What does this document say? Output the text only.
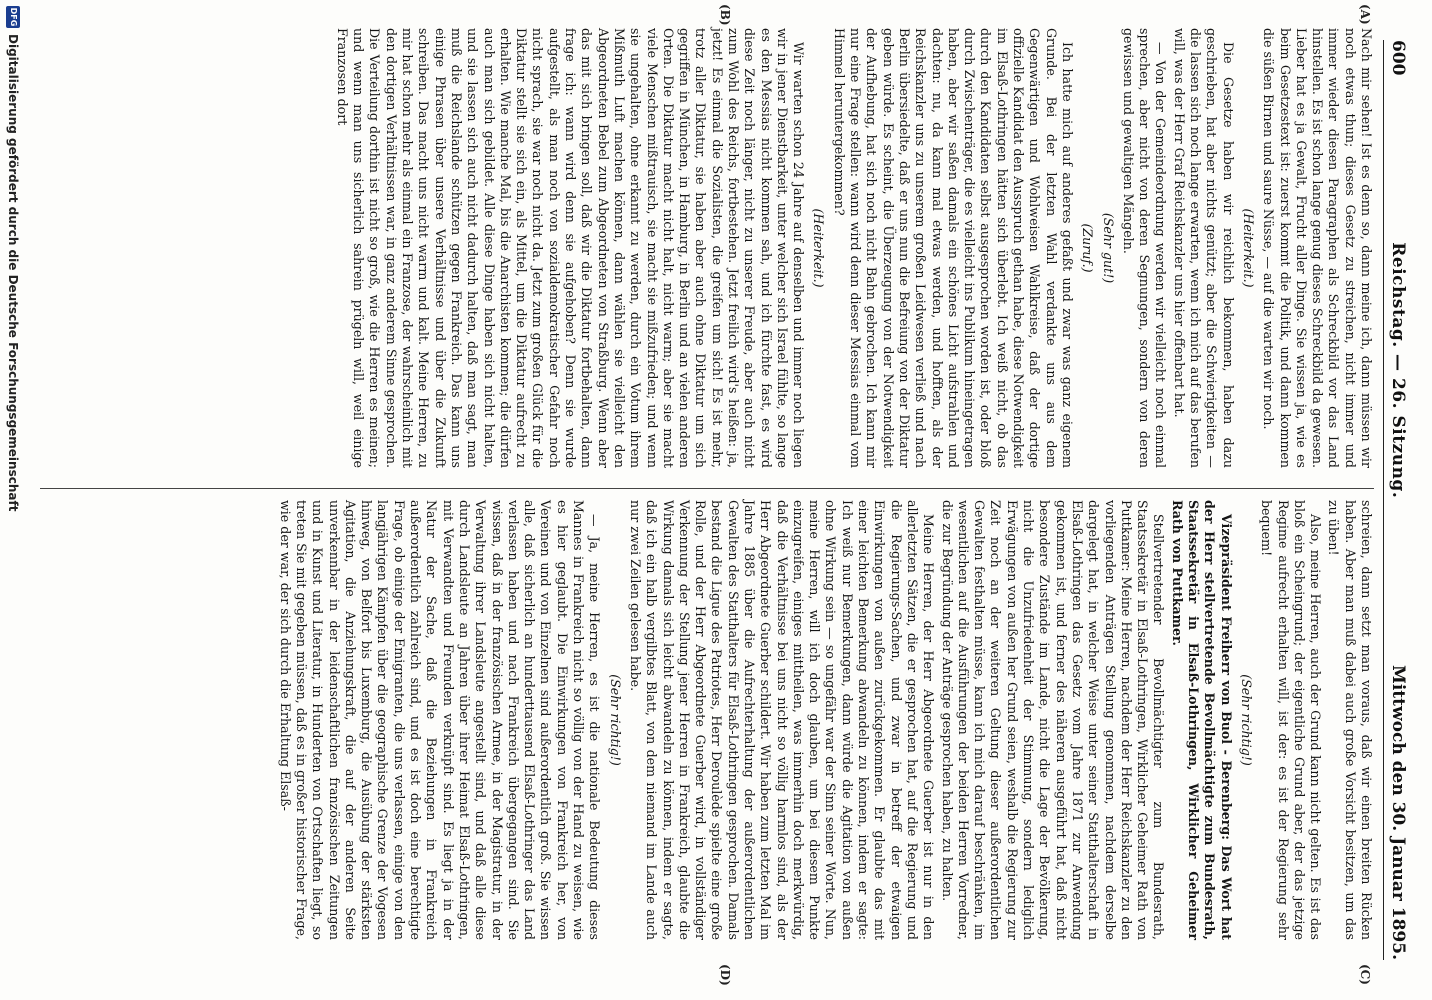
600
Reichstag. — 26. Sitzung.
Mittwoch den 30. Januar 1895.
(A)
(B)
(C)
(D)

Nach mir sehen! Ist es denn so, dann meine ich, dann müssen wir noch etwas thun; dieses Gesetz zu streichen, nicht immer und immer wieder diesen Paragraphen als Schreckbild vor das Land hinstellen. Es ist schon lange genug dieses Schreckbild da gewesen. Lieber hat es ja Gewalt, Frucht aller Dinge. Sie wissen ja, wie es beim Gesetzestext ist: zuerst kommt die Politik, und dann kommen die süßen Birnen und saure Nüsse, — auf die warten wir noch.

(Heiterkeit.)

Die Gesetze haben wir reichlich bekommen, haben dazu geschrieben, hat aber nichts genützt; aber die Schwierigkeiten — die lassen sich noch lange erwarten, wenn ich mich auf das berufen will, was der Herr Graf Reichskanzler uns hier offenbart hat.

— Von der Gemeindeordnung werden wir vielleicht noch einmal sprechen, aber nicht von deren Segnungen, sondern von deren gewissen und gewaltigen Mängeln.

(Sehr gut!)

(Zuruf.)

Ich hatte mich auf anderes gefaßt und zwar was ganz eigenem Grunde. Bei der letzten Wahl verdankte uns aus dem Gegenwärtigen und Wohlweisen Wahlkreise, daß der dortige offizielle Kandidat den Ausspruch gethan habe, diese Notwendigkeit im Elsaß-Lothringen hätten sich überlebt. Ich weiß nicht, ob das durch den Kandidaten selbst ausgesprochen worden ist, oder bloß durch Zwischenträger, die es vielleicht ins Publikum hineingetragen haben, aber wir saßen damals ein schönes Licht aufstrahlen und dachten: nu, da kann mal etwas werden, und hofften, als der Reichskanzler uns zu unserem großen Leidwesen verließ und nach Berlin übersiedelte, daß er uns nun die Befreiung von der Diktatur geben würde. Es scheint, die Überzeugung von der Notwendigkeit der Aufhebung, hat sich noch nicht Bahn gebrochen. Ich kann mir nur eine Frage stellen: wann wird denn dieser Messias einmal vom Himmel heruntergekommen?

(Heiterkeit.)

Wir warten schon 24 Jahre auf denselben und immer noch liegen wir in jener Dienstbarkeit, unter welcher sich Israel fühlte, so lange es den Messias nicht kommen sah, und ich fürchte fast, es wird diese Zeit noch länger, nicht zu unserer Freude, aber auch nicht zum Wohl des Reichs, fortbestehen. Jetzt freilich wird's heißen: ja, jetzt! Es einmal die Sozialisten, die greifen um sich! Es ist mehr, trotz aller Diktatur, sie haben aber auch ohne Diktatur um sich gegriffen in München, in Hamburg, in Berlin und an vielen anderen Orten. Die Diktatur macht nicht halt, nicht warm; aber sie macht viele Menschen mißtrauisch, sie macht sie mißzufrieden; und wenn sie ungehalten, ohne erkannt zu werden, durch ein Votum ihrem Mißmuth Luft machen können, dann wählen sie vielleicht den Abgeordneten Bebel zum Abgeordneten von Straßburg. Wenn aber das mit sich bringen soll, daß wir die Diktatur fortbehalten, dann frage ich: wann wird denn sie aufgehoben? Denn sie wurde aufgestellt, als man noch von sozialdemokratischer Gefahr noch nicht sprach, sie war noch nicht da. Jetzt zum großen Glück für die Diktatur stellt sie sich ein, als Mittel, um die Diktatur aufrecht zu erhalten. Wie manche Mal, bis die Anarchisten kommen; die dürfen auch man sich gebildet. Alle diese Dinge haben sich nicht halten, und sie lassen sich auch nicht dadurch halten, daß man sagt, man muß die Reichslande schützen gegen Frankreich. Das kann uns einige Phrasen über unsere Verhältnisse und über die Zukunft schreiben. Das macht uns nicht warm und kalt. Meine Herren, zu mir hat schon mehr als einmal ein Franzose, der wahrscheinlich mit den dortigen Verhältnissen war, in ganz anderem Sinne gesprochen. Die Verteilung dorthin ist nicht so groß, wie die Herren es meinen; und wenn man uns sicherlich sahrein prügeln will, weil einige Franzosen dort

schreien, dann setzt man voraus, daß wir einen breiten Rücken haben. Aber man muß dabei auch große Vorsicht besitzen, um das zu üben!

Also, meine Herren, auch der Grund kann nicht gelten. Es ist das bloß ein Scheingrund; der eigentliche Grund aber, der das jetzige Regime aufrecht erhalten will, ist der: es ist der Regierung sehr bequem!

(Sehr richtig!)

Vizepräsident Freiherr von Buol - Berenberg: Das Wort hat der Herr stellvertretende Bevollmächtigte zum Bundesrath, Staatssekretär in Elsaß-Lothringen, Wirklicher Geheimer Rath von Puttkamer.

Stellvertretender Bevollmächtigter zum Bundesrath, Staatssekretär in Elsaß-Lothringen, Wirklicher Geheimer Rath von Puttkamer: Meine Herren, nachdem der Herr Reichskanzler zu den vorliegenden Anträgen Stellung genommen, nachdem derselbe dargelegt hat, in welcher Weise unter seiner Statthalterschaft in Elsaß-Lothringen das Gesetz vom Jahre 1871 zur Anwendung gekommen ist, und ferner des näheren ausgeführt hat, daß nicht besondere Zustände im Lande, nicht die Lage der Bevölkerung, nicht die Unzufriedenheit der Stimmung, sondern lediglich Erwägungen von außen her Grund seien, weshalb die Regierung zur Zeit noch an der weiteren Geltung dieser außerordentlichen Gewalten festhalten müsse, kann ich mich darauf beschränken, im wesentlichen auf die Ausführungen der beiden Herren Vorredner, die zur Begründung der Anträge gesprochen haben, zu halten.

Meine Herren, der Herr Abgeordnete Guerber ist nur in den allerletzten Sätzen, die er gesprochen hat, auf die Regierung und die Regierungs-Sachen, und zwar in betreff der etwaigen Einwirkungen von außen zurückgekommen. Er glaubte das mit einer leichten Bemerkung abwandeln zu können, indem er sagte: Ich weiß nur Bemerkungen, dann würde die Agitation von außen ohne Wirkung sein — so ungefähr war der Sinn seiner Worte. Nun, meine Herren, will ich doch glauben, um bei diesem Punkte einzugreifen, einiges mittheilen, was immerhin doch merkwürdig, daß die Verhältnisse bei uns nicht so völlig harmlos sind, als der Herr Abgeordnete Guerber schildert. Wir haben zum letzten Mal im Jahre 1885 über die Aufrechterhaltung der außerordentlichen Gewalten des Statthalters für Elsaß-Lothringen gesprochen. Damals bestand die Ligue des Patriotes, Herr Deroulède spielte eine große Rolle, und der Herr Abgeordnete Guerber wird, in vollständiger Verkennung der Stellung jener Herren in Frankreich, glaubte die Wirkung damals sich leicht abwandeln zu können, indem er sagte, daß ich ein halb vergilbtes Blatt, von dem niemand im Lande auch nur zwei Zeilen gelesen habe.

(Sehr richtig!)

— Ja, meine Herren, es ist die nationale Bedeutung dieses Mannes in Frankreich nicht so völlig von der Hand zu weisen, wie es hier geglaubt. Die Einwirkungen von Frankreich her, von Vereinen und von Einzelnen sind außerordentlich groß. Sie wissen alle, daß sicherlich an hunderttausend Elsaß-Lothringer das Land verlassen haben und nach Frankreich übergegangen sind. Sie wissen, daß in der französischen Armee, in der Magistratur, in der Verwaltung ihrer Landsleute angestellt sind, und daß alle diese durch Landsleute an Jahren über ihrer Heimat Elsaß-Lothringen, mit Verwandten und Freunden verknüpft sind. Es liegt ja in der Natur der Sache, daß die Beziehungen in Frankreich außerordentlich zahlreich sind, und es ist doch eine berechtigte Frage, ob einige der Emigranten, die uns verlassen, einige von den langjährigen Kämpfen über die geographische Grenze der Vogesen hinweg, von Belfort bis Luxemburg, die Ausübung der stärksten Agitation, die Anziehungskraft, die auf der anderen Seite unverkennbar in der leidenschaftlichen französischen Zeitungen und in Kunst und Literatur, in Hunderten von Ortschaften liegt, so treten Sie mit gegeben müssen, daß es in großer historischer Frage, wie der war, der sich durch die Erhaltung Elsaß-

DFG
Digitalisierung gefördert durch die Deutsche Forschungsgemeinschaft
